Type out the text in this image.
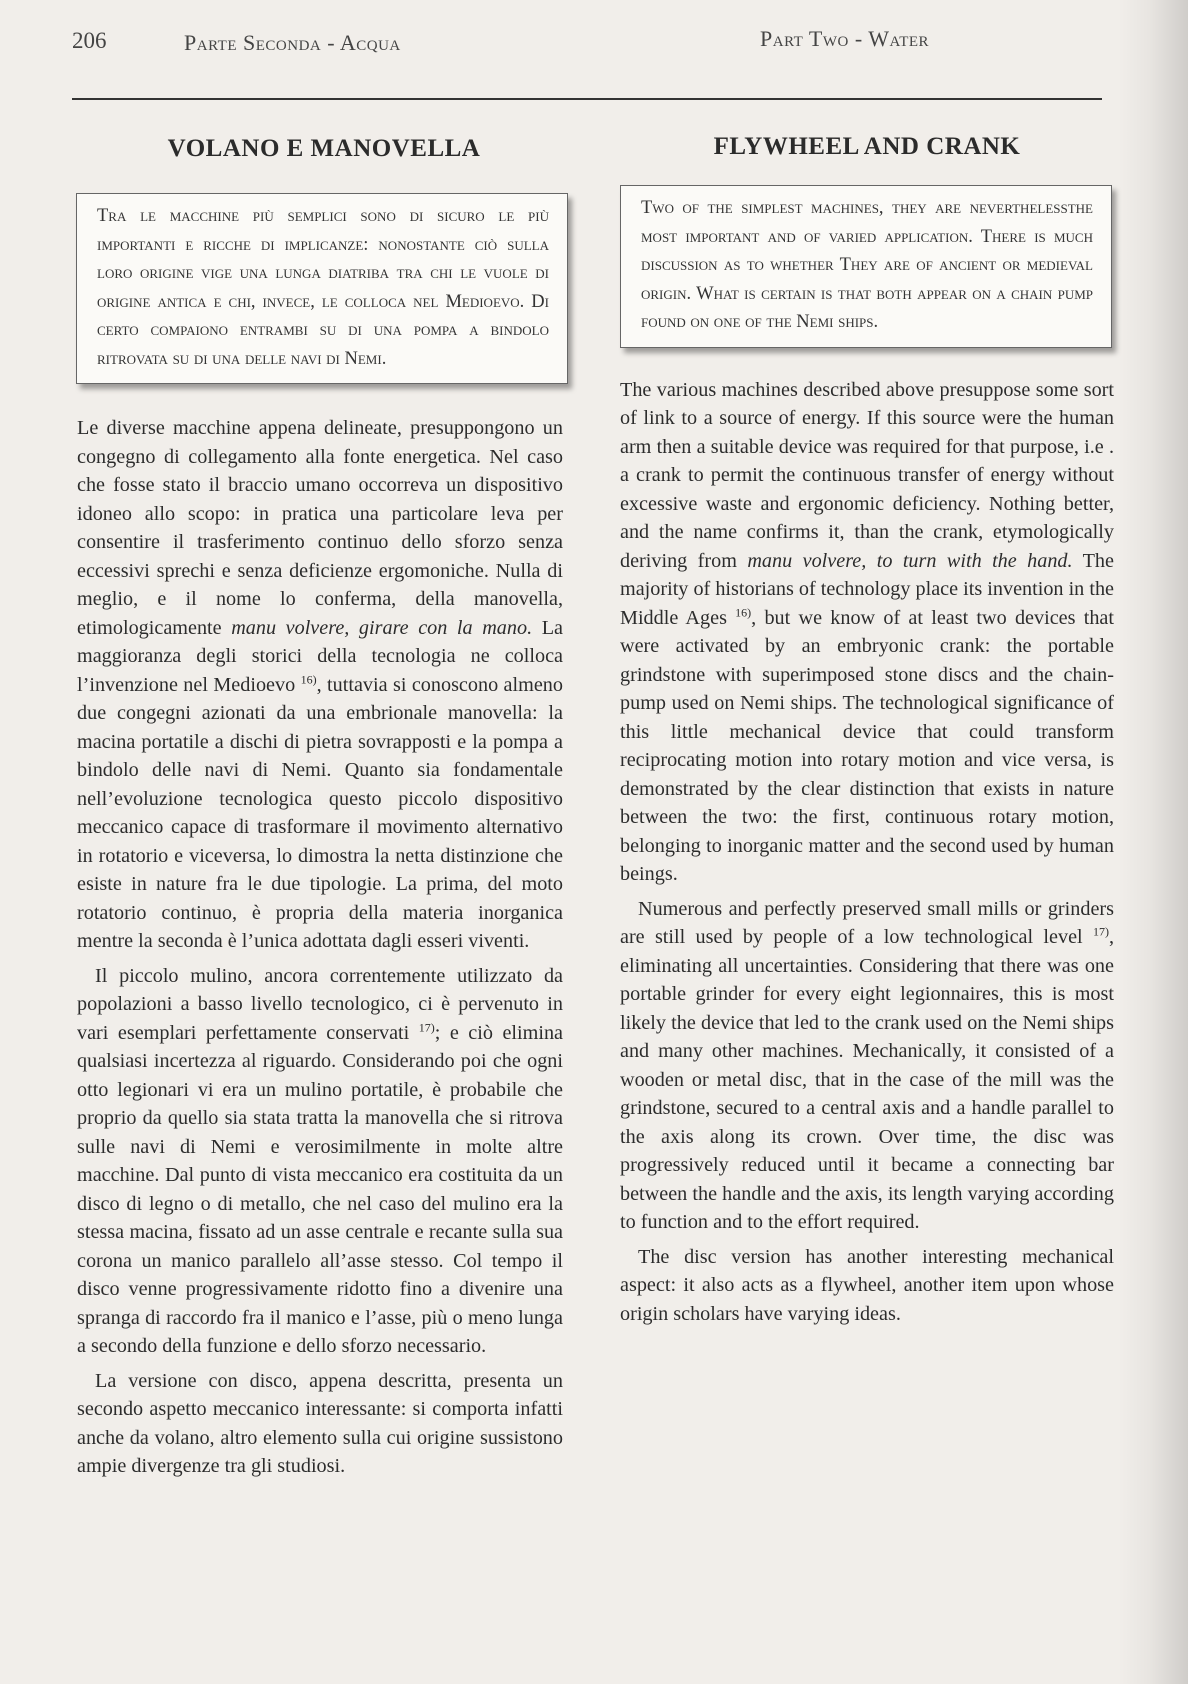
206	Parte Seconda - Acqua	Part Two - Water
VOLANO E MANOVELLA
Tra le macchine più semplici sono di sicuro le più importanti e ricche di implicanze: nonostante ciò sulla loro origine vige una lunga diatriba tra chi le vuole di origine antica e chi, invece, le colloca nel Medioevo. Di certo compaiono entrambi su di una pompa a bindolo ritrovata su di una delle navi di Nemi.

Le diverse macchine appena delineate, presuppongono un congegno di collegamento alla fonte energetica. Nel caso che fosse stato il braccio umano occorreva un dispositivo idoneo allo scopo: in pratica una particolare leva per consentire il trasferimento continuo dello sforzo senza eccessivi sprechi e senza deficienze ergomoniche. Nulla di meglio, e il nome lo conferma, della manovella, etimologicamente manu volvere, girare con la mano. La maggioranza degli storici della tecnologia ne colloca l’invenzione nel Medioevo $^{16)}$, tuttavia si conoscono almeno due congegni azionati da una embrionale manovella: la macina portatile a dischi di pietra sovrapposti e la pompa a bindolo delle navi di Nemi. Quanto sia fondamentale nell’evoluzione tecnologica questo piccolo dispositivo meccanico capace di trasformare il movimento alternativo in rotatorio e viceversa, lo dimostra la netta distinzione che esiste in nature fra le due tipologie. La prima, del moto rotatorio continuo, è propria della materia inorganica mentre la seconda è l’unica adottata dagli esseri viventi.

Il piccolo mulino, ancora correntemente utilizzato da popolazioni a basso livello tecnologico, ci è pervenuto in vari esemplari perfettamente conservati $^{17)}$; e ciò elimina qualsiasi incertezza al riguardo. Considerando poi che ogni otto legionari vi era un mulino portatile, è probabile che proprio da quello sia stata tratta la manovella che si ritrova sulle navi di Nemi e verosimilmente in molte altre macchine. Dal punto di vista meccanico era costituita da un disco di legno o di metallo, che nel caso del mulino era la stessa macina, fissato ad un asse centrale e recante sulla sua corona un manico parallelo all’asse stesso. Col tempo il disco venne progressivamente ridotto fino a divenire una spranga di raccordo fra il manico e l’asse, più o meno lunga a secondo della funzione e dello sforzo necessario.

La versione con disco, appena descritta, presenta un secondo aspetto meccanico interessante: si comporta infatti anche da volano, altro elemento sulla cui origine sussistono ampie divergenze tra gli studiosi.

FLYWHEEL AND CRANK
Two of the simplest machines, they are neverthelessthe most important and of varied application. There is much discussion as to whether They are of ancient or medieval origin. What is certain is that both appear on a chain pump found on one of the Nemi ships.

The various machines described above presuppose some sort of link to a source of energy. If this source were the human arm then a suitable device was required for that purpose, i.e . a crank to permit the continuous transfer of energy without excessive waste and ergonomic deficiency. Nothing better, and the name confirms it, than the crank, etymologically deriving from manu volvere, to turn with the hand. The majority of historians of technology place its invention in the Middle Ages $^{16)}$, but we know of at least two devices that were activated by an embryonic crank: the portable grindstone with superimposed stone discs and the chain-pump used on Nemi ships. The technological significance of this little mechanical device that could transform reciprocating motion into rotary motion and vice versa, is demonstrated by the clear distinction that exists in nature between the two: the first, continuous rotary motion, belonging to inorganic matter and the second used by human beings.

Numerous and perfectly preserved small mills or grinders are still used by people of a low technological level $^{17)}$, eliminating all uncertainties. Considering that there was one portable grinder for every eight legionnaires, this is most likely the device that led to the crank used on the Nemi ships and many other machines. Mechanically, it consisted of a wooden or metal disc, that in the case of the mill was the grindstone, secured to a central axis and a handle parallel to the axis along its crown. Over time, the disc was progressively reduced until it became a connecting bar between the handle and the axis, its length varying according to function and to the effort required.

The disc version has another interesting mechanical aspect: it also acts as a flywheel, another item upon whose origin scholars have varying ideas.
